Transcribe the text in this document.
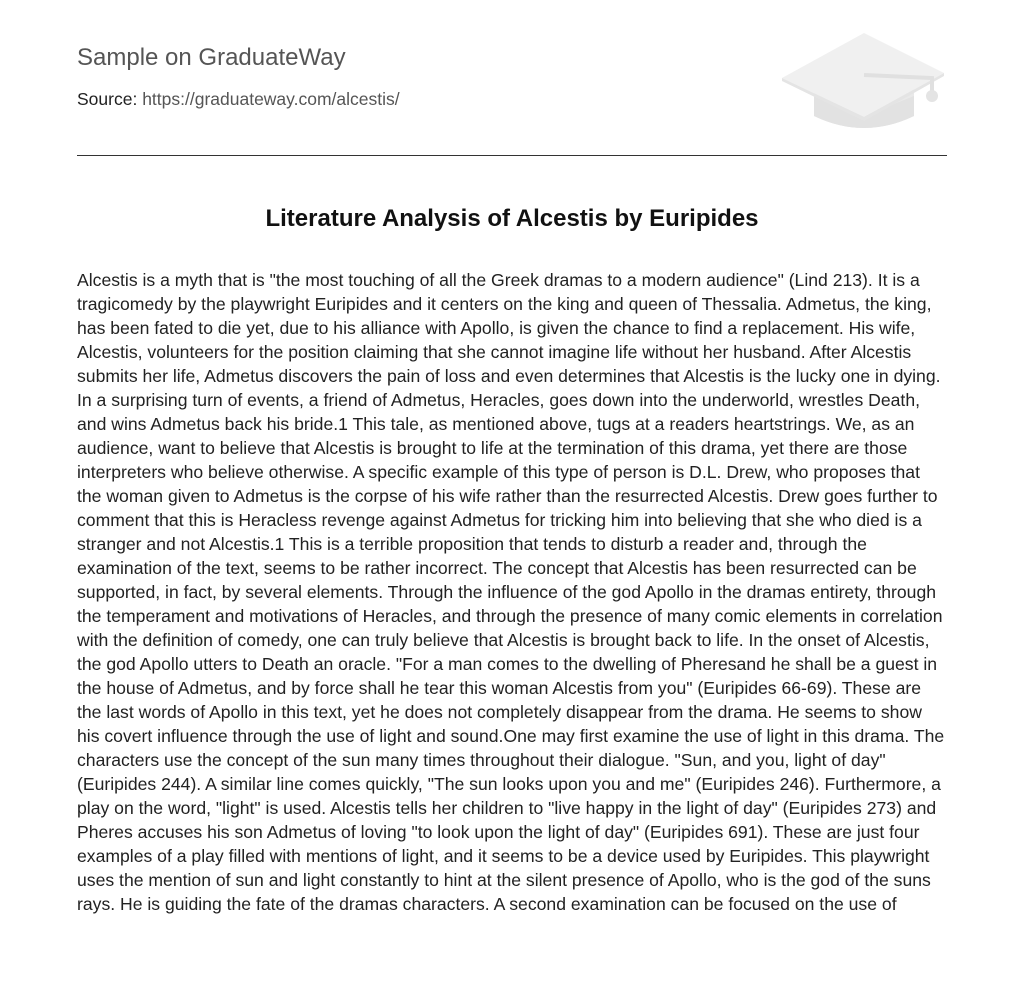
Sample on GraduateWay
Source: https://graduateway.com/alcestis/
Literature Analysis of Alcestis by Euripides

Alcestis is a myth that is "the most touching of all the Greek dramas to a modern audience" (Lind 213). It is a tragicomedy by the playwright Euripides and it centers on the king and queen of Thessalia. Admetus, the king, has been fated to die yet, due to his alliance with Apollo, is given the chance to find a replacement. His wife, Alcestis, volunteers for the position claiming that she cannot imagine life without her husband. After Alcestis submits her life, Admetus discovers the pain of loss and even determines that Alcestis is the lucky one in dying. In a surprising turn of events, a friend of Admetus, Heracles, goes down into the underworld, wrestles Death, and wins Admetus back his bride.1 This tale, as mentioned above, tugs at a readers heartstrings. We, as an audience, want to believe that Alcestis is brought to life at the termination of this drama, yet there are those interpreters who believe otherwise. A specific example of this type of person is D.L. Drew, who proposes that the woman given to Admetus is the corpse of his wife rather than the resurrected Alcestis. Drew goes further to comment that this is Heracless revenge against Admetus for tricking him into believing that she who died is a stranger and not Alcestis.1 This is a terrible proposition that tends to disturb a reader and, through the examination of the text, seems to be rather incorrect. The concept that Alcestis has been resurrected can be supported, in fact, by several elements. Through the influence of the god Apollo in the dramas entirety, through the temperament and motivations of Heracles, and through the presence of many comic elements in correlation with the definition of comedy, one can truly believe that Alcestis is brought back to life. In the onset of Alcestis, the god Apollo utters to Death an oracle. "For a man comes to the dwelling of Pheresand he shall be a guest in the house of Admetus, and by force shall he tear this woman Alcestis from you" (Euripides 66-69). These are the last words of Apollo in this text, yet he does not completely disappear from the drama. He seems to show his covert influence through the use of light and sound.One may first examine the use of light in this drama. The characters use the concept of the sun many times throughout their dialogue. "Sun, and you, light of day" (Euripides 244). A similar line comes quickly, "The sun looks upon you and me" (Euripides 246). Furthermore, a play on the word, "light" is used. Alcestis tells her children to "live happy in the light of day" (Euripides 273) and Pheres accuses his son Admetus of loving "to look upon the light of day" (Euripides 691). These are just four examples of a play filled with mentions of light, and it seems to be a device used by Euripides. This playwright uses the mention of sun and light constantly to hint at the silent presence of Apollo, who is the god of the suns rays. He is guiding the fate of the dramas characters. A second examination can be focused on the use of
